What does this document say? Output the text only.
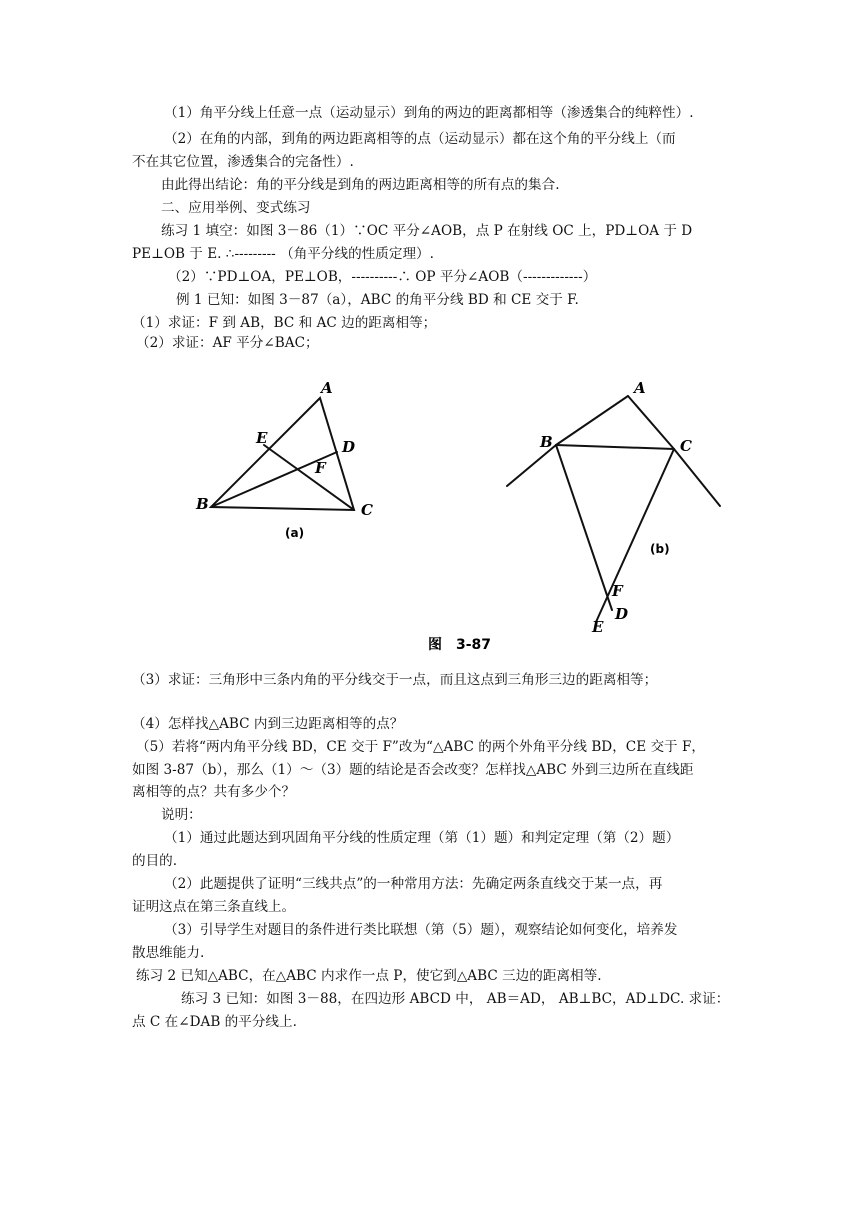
（1）角平分线上任意一点（运动显示）到角的两边的距离都相等（渗透集合的纯粹性）.
（2）在角的内部，到角的两边距离相等的点（运动显示）都在这个角的平分线上（而
不在其它位置，渗透集合的完备性）.
由此得出结论：角的平分线是到角的两边距离相等的所有点的集合.
二、应用举例、变式练习
练习 1 填空：如图 3－86（1）∵OC 平分∠AOB，点 P 在射线 OC 上，PD⊥OA 于 D
PE⊥OB 于 E. ∴--------- （角平分线的性质定理）.
（2）∵PD⊥OA，PE⊥OB，----------∴ OP 平分∠AOB（-------------）
例 1 已知：如图 3－87（a），ABC 的角平分线 BD 和 CE 交于 F.
（1）求证：F 到 AB，BC 和 AC 边的距离相等；
（2）求证：AF 平分∠BAC；
A
E	D
F
B	C
(a)
A
B	C
(b)
F
D
E
图　3-87
（3）求证：三角形中三条内角的平分线交于一点，而且这点到三角形三边的距离相等；
（4）怎样找△ABC 内到三边距离相等的点？
（5）若将“两内角平分线 BD，CE 交于 F”改为“△ABC 的两个外角平分线 BD，CE 交于 F，
如图 3-87（b），那么（1）～（3）题的结论是否会改变？怎样找△ABC 外到三边所在直线距
离相等的点？共有多少个？
说明：
（1）通过此题达到巩固角平分线的性质定理（第（1）题）和判定定理（第（2）题）
的目的.
（2）此题提供了证明“三线共点”的一种常用方法：先确定两条直线交于某一点，再
证明这点在第三条直线上。
（3）引导学生对题目的条件进行类比联想（第（5）题），观察结论如何变化，培养发
散思维能力.
练习 2 已知△ABC，在△ABC 内求作一点 P，使它到△ABC 三边的距离相等.
练习 3 已知：如图 3－88，在四边形 ABCD 中， AB＝AD， AB⊥BC，AD⊥DC. 求证：
点 C 在∠DAB 的平分线上.
